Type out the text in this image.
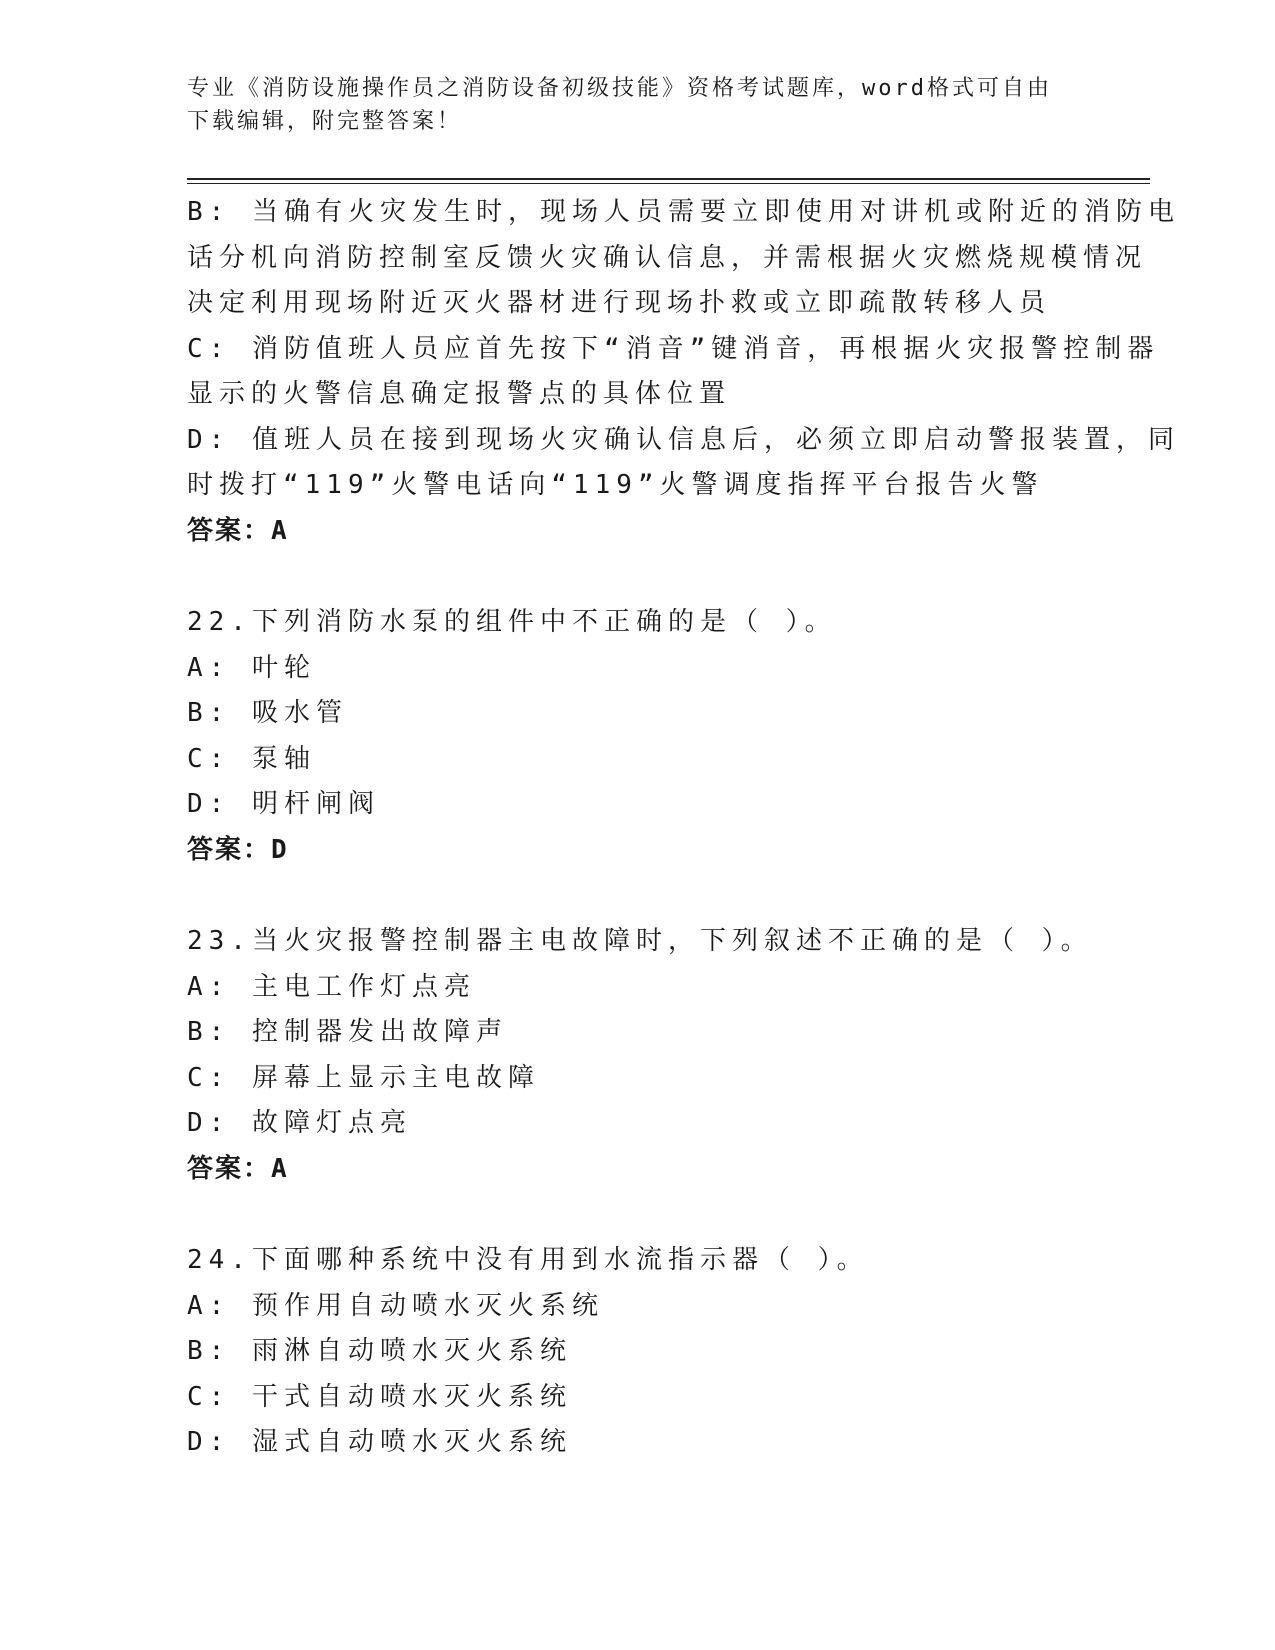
专业《消防设施操作员之消防设备初级技能》资格考试题库，word格式可自由下载编辑，附完整答案！
B: 当确有火灾发生时，现场人员需要立即使用对讲机或附近的消防电
话分机向消防控制室反馈火灾确认信息，并需根据火灾燃烧规模情况
决定利用现场附近灭火器材进行现场扑救或立即疏散转移人员
C: 消防值班人员应首先按下“消音”键消音，再根据火灾报警控制器
显示的火警信息确定报警点的具体位置
D: 值班人员在接到现场火灾确认信息后，必须立即启动警报装置，同
时拨打“119”火警电话向“119”火警调度指挥平台报告火警
答案：A
22.下列消防水泵的组件中不正确的是（ ）。
A: 叶轮
B: 吸水管
C: 泵轴
D: 明杆闸阀
答案：D
23.当火灾报警控制器主电故障时，下列叙述不正确的是（ ）。
A: 主电工作灯点亮
B: 控制器发出故障声
C: 屏幕上显示主电故障
D: 故障灯点亮
答案：A
24.下面哪种系统中没有用到水流指示器（ ）。
A: 预作用自动喷水灭火系统
B: 雨淋自动喷水灭火系统
C: 干式自动喷水灭火系统
D: 湿式自动喷水灭火系统
